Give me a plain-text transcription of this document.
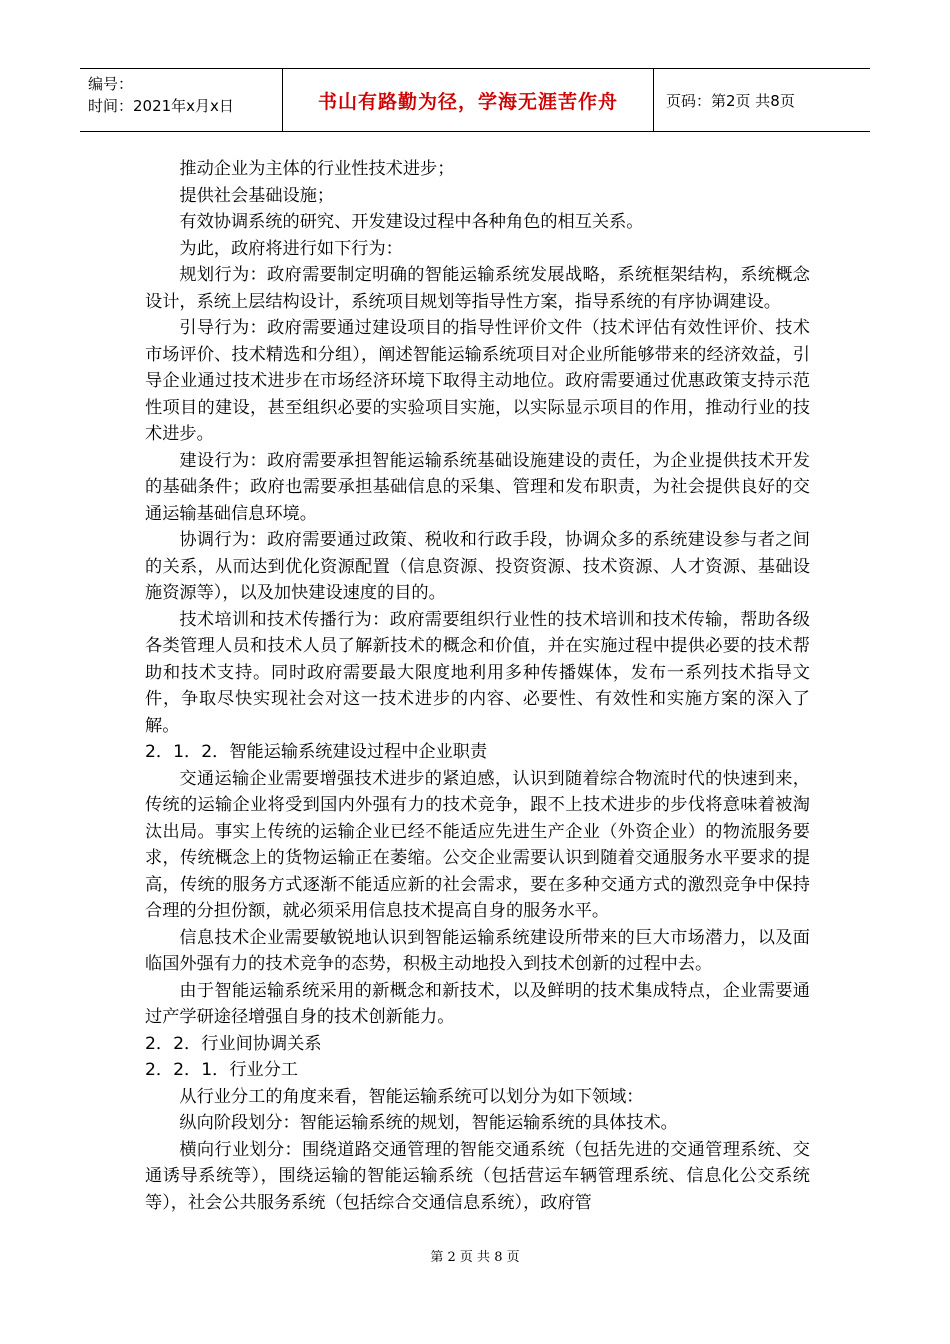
编号：
时间：2021年x月x日	书山有路勤为径，学海无涯苦作舟	页码：第2页 共8页

推动企业为主体的行业性技术进步；

提供社会基础设施；

有效协调系统的研究、开发建设过程中各种角色的相互关系。

为此，政府将进行如下行为：

规划行为：政府需要制定明确的智能运输系统发展战略，系统框架结构，系统概念设计，系统上层结构设计，系统项目规划等指导性方案，指导系统的有序协调建设。

引导行为：政府需要通过建设项目的指导性评价文件（技术评估有效性评价、技术市场评价、技术精选和分组），阐述智能运输系统项目对企业所能够带来的经济效益，引导企业通过技术进步在市场经济环境下取得主动地位。政府需要通过优惠政策支持示范性项目的建设，甚至组织必要的实验项目实施，以实际显示项目的作用，推动行业的技术进步。

建设行为：政府需要承担智能运输系统基础设施建设的责任，为企业提供技术开发的基础条件；政府也需要承担基础信息的采集、管理和发布职责，为社会提供良好的交通运输基础信息环境。

协调行为：政府需要通过政策、税收和行政手段，协调众多的系统建设参与者之间的关系，从而达到优化资源配置（信息资源、投资资源、技术资源、人才资源、基础设施资源等），以及加快建设速度的目的。

技术培训和技术传播行为：政府需要组织行业性的技术培训和技术传输，帮助各级各类管理人员和技术人员了解新技术的概念和价值，并在实施过程中提供必要的技术帮助和技术支持。同时政府需要最大限度地利用多种传播媒体，发布一系列技术指导文件，争取尽快实现社会对这一技术进步的内容、必要性、有效性和实施方案的深入了解。

2．1．2．智能运输系统建设过程中企业职责

交通运输企业需要增强技术进步的紧迫感，认识到随着综合物流时代的快速到来，传统的运输企业将受到国内外强有力的技术竞争，跟不上技术进步的步伐将意味着被淘汰出局。事实上传统的运输企业已经不能适应先进生产企业（外资企业）的物流服务要求，传统概念上的货物运输正在萎缩。公交企业需要认识到随着交通服务水平要求的提高，传统的服务方式逐渐不能适应新的社会需求，要在多种交通方式的激烈竞争中保持合理的分担份额，就必须采用信息技术提高自身的服务水平。

信息技术企业需要敏锐地认识到智能运输系统建设所带来的巨大市场潜力，以及面临国外强有力的技术竞争的态势，积极主动地投入到技术创新的过程中去。

由于智能运输系统采用的新概念和新技术，以及鲜明的技术集成特点，企业需要通过产学研途径增强自身的技术创新能力。

2．2．行业间协调关系

2．2．1．行业分工

从行业分工的角度来看，智能运输系统可以划分为如下领域：

纵向阶段划分：智能运输系统的规划，智能运输系统的具体技术。

横向行业划分：围绕道路交通管理的智能交通系统（包括先进的交通管理系统、交通诱导系统等），围绕运输的智能运输系统（包括营运车辆管理系统、信息化公交系统等），社会公共服务系统（包括综合交通信息系统），政府管

第 2 页 共 8 页
